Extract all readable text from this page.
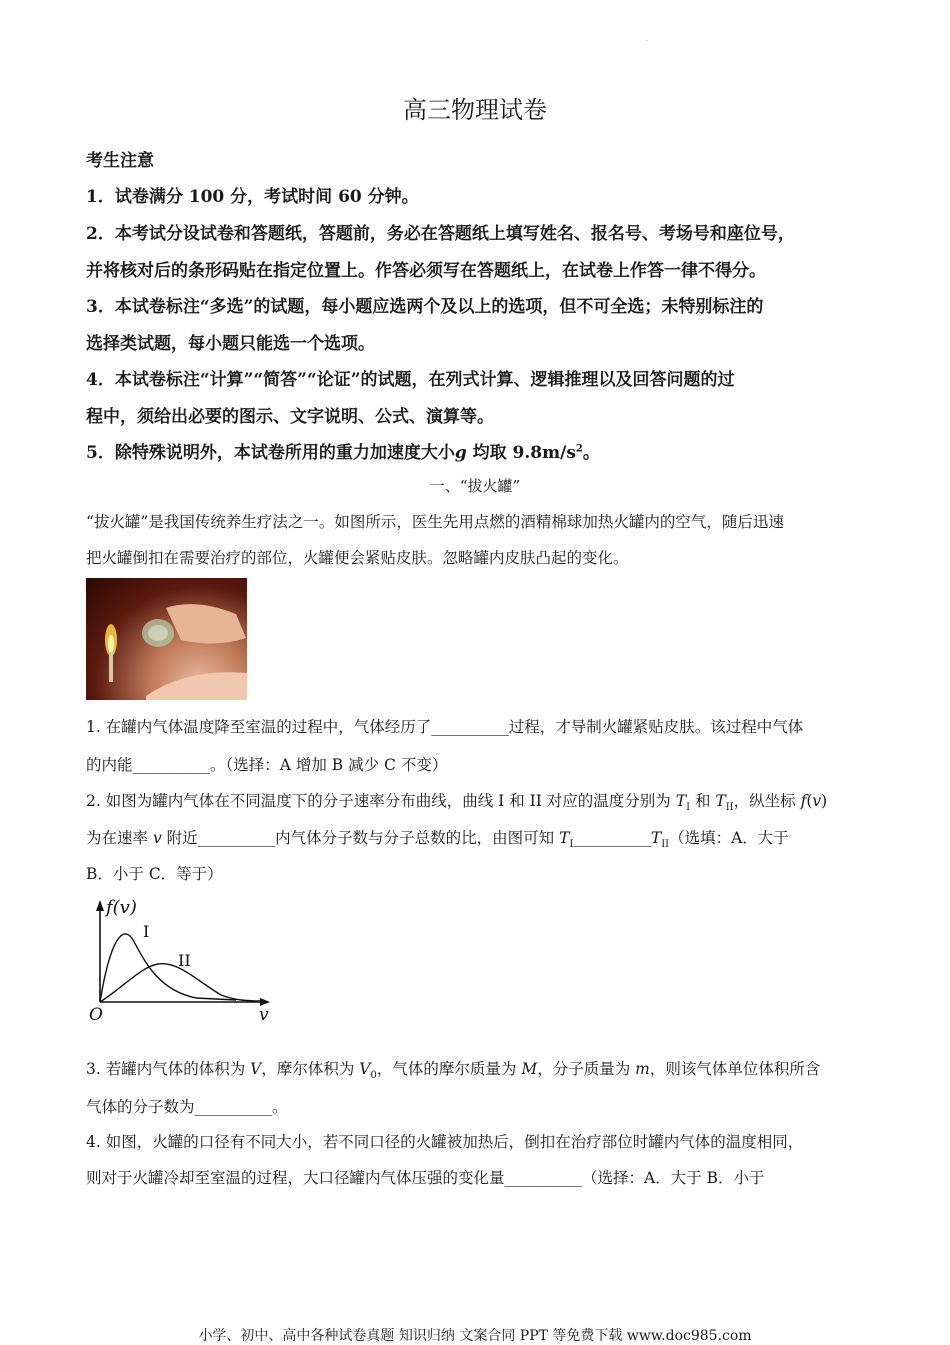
.
高三物理试卷
考生注意
1．试卷满分 100 分，考试时间 60 分钟。
2．本考试分设试卷和答题纸，答题前，务必在答题纸上填写姓名、报名号、考场号和座位号，
并将核对后的条形码贴在指定位置上。作答必须写在答题纸上，在试卷上作答一律不得分。
3．本试卷标注“多选”的试题，每小题应选两个及以上的选项，但不可全选；未特别标注的
选择类试题，每小题只能选一个选项。
4．本试卷标注“计算”“简答”“论证”的试题，在列式计算、逻辑推理以及回答问题的过
程中，须给出必要的图示、文字说明、公式、演算等。
5．除特殊说明外，本试卷所用的重力加速度大小g 均取 $9.8m/s^2$。
一、“拔火罐”
“拔火罐”是我国传统养生疗法之一。如图所示，医生先用点燃的酒精棉球加热火罐内的空气，随后迅速
把火罐倒扣在需要治疗的部位，火罐便会紧贴皮肤。忽略罐内皮肤凸起的变化。
1. 在罐内气体温度降至室温的过程中，气体经历了__________过程，才导制火罐紧贴皮肤。该过程中气体
的内能__________。（选择：A 增加 B 减少 C 不变）
2. 如图为罐内气体在不同温度下的分子速率分布曲线，曲线 I 和 II 对应的温度分别为 $T_I$ 和 $T_{II}$，纵坐标 f(v)
为在速率 v 附近__________内气体分子数与分子总数的比，由图可知 $T_I\_\_\_\_\_\_\_\_\_\_T_{II}$（选填：A．大于
B．小于 C．等于）
f(v)
I
II
O	v
3. 若罐内气体的体积为 V，摩尔体积为 $V_0$，气体的摩尔质量为 M，分子质量为 m，则该气体单位体积所含
气体的分子数为__________。
4. 如图，火罐的口径有不同大小，若不同口径的火罐被加热后，倒扣在治疗部位时罐内气体的温度相同，
则对于火罐冷却至室温的过程，大口径罐内气体压强的变化量__________（选择：A．大于 B．小于
小学、初中、高中各种试卷真题 知识归纳 文案合同 PPT 等免费下载 www.doc985.com
